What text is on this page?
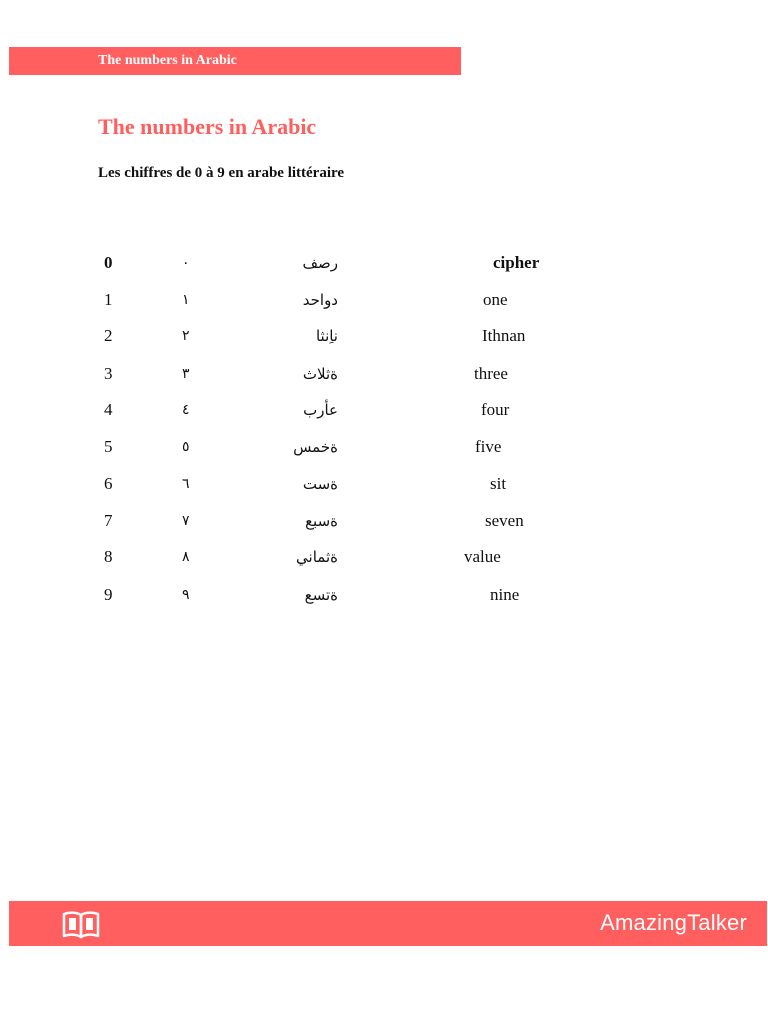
The numbers in Arabic
The numbers in Arabic

Les chiffres de 0 à 9 en arabe littéraire

0	٠	رصف	cipher
1	١	دواحد	one
2	٢	ناِنثا	Ithnan
3	٣	ةثلاث	three
4	٤	عأرب	four
5	٥	ةخمس	five
6	٦	ةست	sit
7	٧	ةسبع	seven
8	٨	ةثماني	value
9	٩	ةتسع	nine
AmazingTalker
